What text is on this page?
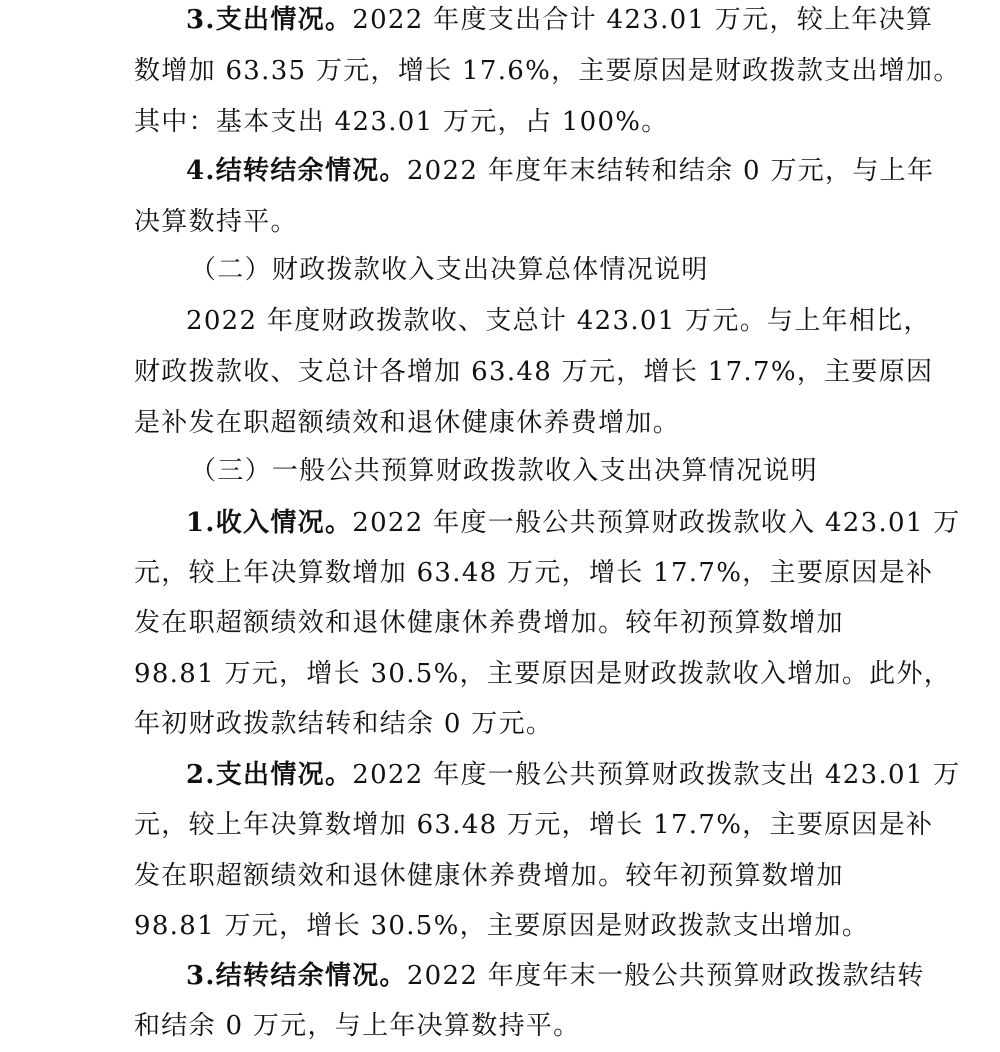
3.支出情况。2022 年度支出合计 423.01 万元，较上年决算
数增加 63.35 万元，增长 17.6%，主要原因是财政拨款支出增加。
其中：基本支出 423.01 万元，占 100%。
4.结转结余情况。2022 年度年末结转和结余 0 万元，与上年
决算数持平。
（二）财政拨款收入支出决算总体情况说明
2022 年度财政拨款收、支总计 423.01 万元。与上年相比，
财政拨款收、支总计各增加 63.48 万元，增长 17.7%，主要原因
是补发在职超额绩效和退休健康休养费增加。
（三）一般公共预算财政拨款收入支出决算情况说明
1.收入情况。2022 年度一般公共预算财政拨款收入 423.01 万
元，较上年决算数增加 63.48 万元，增长 17.7%，主要原因是补
发在职超额绩效和退休健康休养费增加。较年初预算数增加
98.81 万元，增长 30.5%，主要原因是财政拨款收入增加。此外，
年初财政拨款结转和结余 0 万元。
2.支出情况。2022 年度一般公共预算财政拨款支出 423.01 万
元，较上年决算数增加 63.48 万元，增长 17.7%，主要原因是补
发在职超额绩效和退休健康休养费增加。较年初预算数增加
98.81 万元，增长 30.5%，主要原因是财政拨款支出增加。
3.结转结余情况。2022 年度年末一般公共预算财政拨款结转
和结余 0 万元，与上年决算数持平。
